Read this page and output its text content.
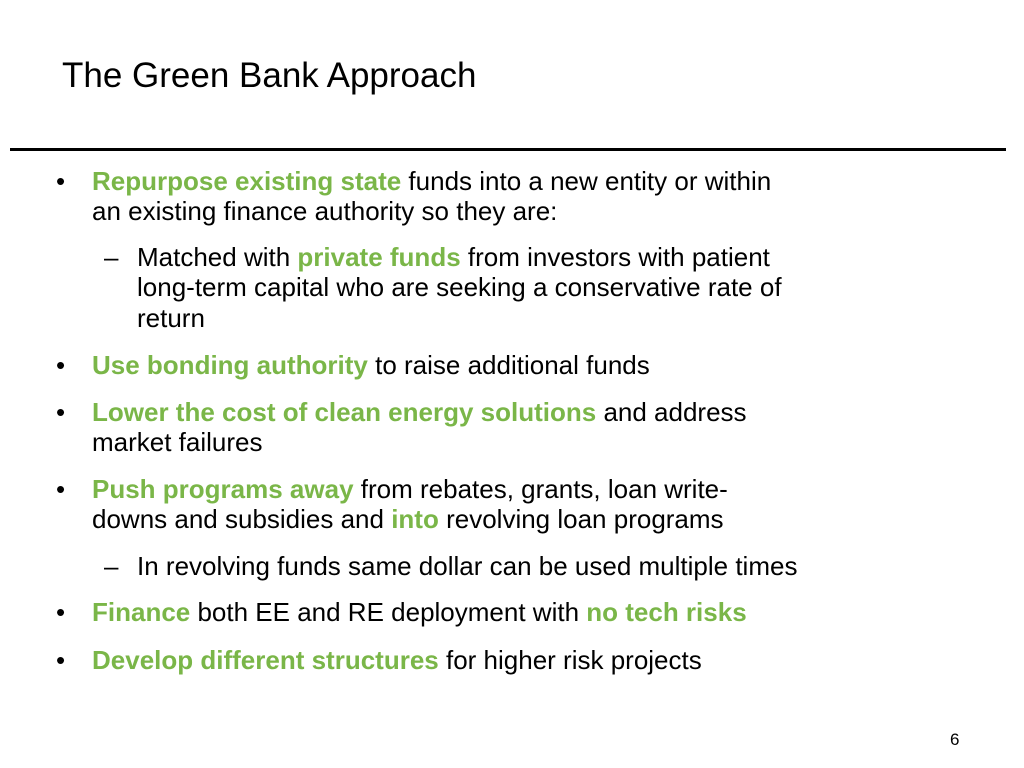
The Green Bank Approach
• Repurpose existing state funds into a new entity or within
an existing finance authority so they are:
– Matched with private funds from investors with patient
long-term capital who are seeking a conservative rate of
return
• Use bonding authority to raise additional funds
• Lower the cost of clean energy solutions and address
market failures
• Push programs away from rebates, grants, loan write-
downs and subsidies and into revolving loan programs
– In revolving funds same dollar can be used multiple times
• Finance both EE and RE deployment with no tech risks
• Develop different structures for higher risk projects
6
